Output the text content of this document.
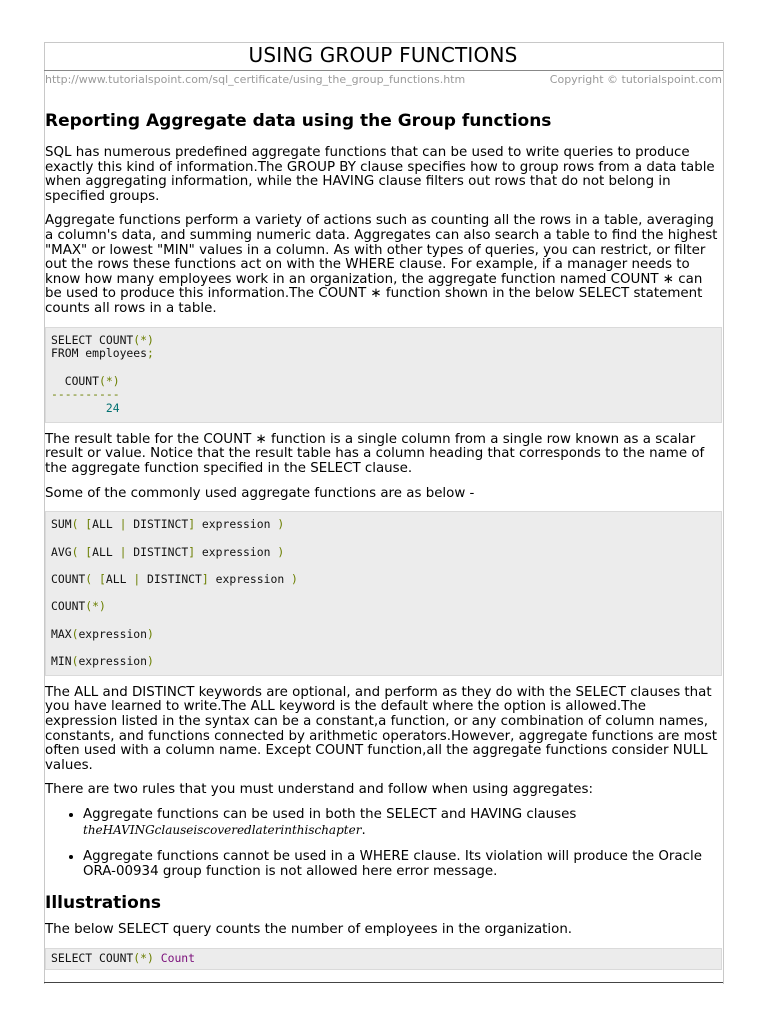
USING GROUP FUNCTIONS
http://www.tutorialspoint.com/sql_certificate/using_the_group_functions.htm	Copyright © tutorialspoint.com
Reporting Aggregate data using the Group functions

SQL has numerous predefined aggregate functions that can be used to write queries to produce exactly this kind of information.The GROUP BY clause specifies how to group rows from a data table when aggregating information, while the HAVING clause filters out rows that do not belong in specified groups.

Aggregate functions perform a variety of actions such as counting all the rows in a table, averaging a column's data, and summing numeric data. Aggregates can also search a table to find the highest "MAX" or lowest "MIN" values in a column. As with other types of queries, you can restrict, or filter out the rows these functions act on with the WHERE clause. For example, if a manager needs to know how many employees work in an organization, the aggregate function named COUNT ∗ can be used to produce this information.The COUNT ∗ function shown in the below SELECT statement counts all rows in a table.

SELECT COUNT(*)
FROM employees;

COUNT(*)
----------
24

The result table for the COUNT ∗ function is a single column from a single row known as a scalar result or value. Notice that the result table has a column heading that corresponds to the name of the aggregate function specified in the SELECT clause.

Some of the commonly used aggregate functions are as below -

SUM( [ALL | DISTINCT] expression )

AVG( [ALL | DISTINCT] expression )

COUNT( [ALL | DISTINCT] expression )

COUNT(*)

MAX(expression)

MIN(expression)

The ALL and DISTINCT keywords are optional, and perform as they do with the SELECT clauses that you have learned to write.The ALL keyword is the default where the option is allowed.The expression listed in the syntax can be a constant,a function, or any combination of column names, constants, and functions connected by arithmetic operators.However, aggregate functions are most often used with a column name. Except COUNT function,all the aggregate functions consider NULL values.

There are two rules that you must understand and follow when using aggregates:

• Aggregate functions can be used in both the SELECT and HAVING clauses
theHAVINGclauseiscoveredlaterinthischapter.
• Aggregate functions cannot be used in a WHERE clause. Its violation will produce the Oracle ORA-00934 group function is not allowed here error message.
Illustrations

The below SELECT query counts the number of employees in the organization.

SELECT COUNT(*) Count
